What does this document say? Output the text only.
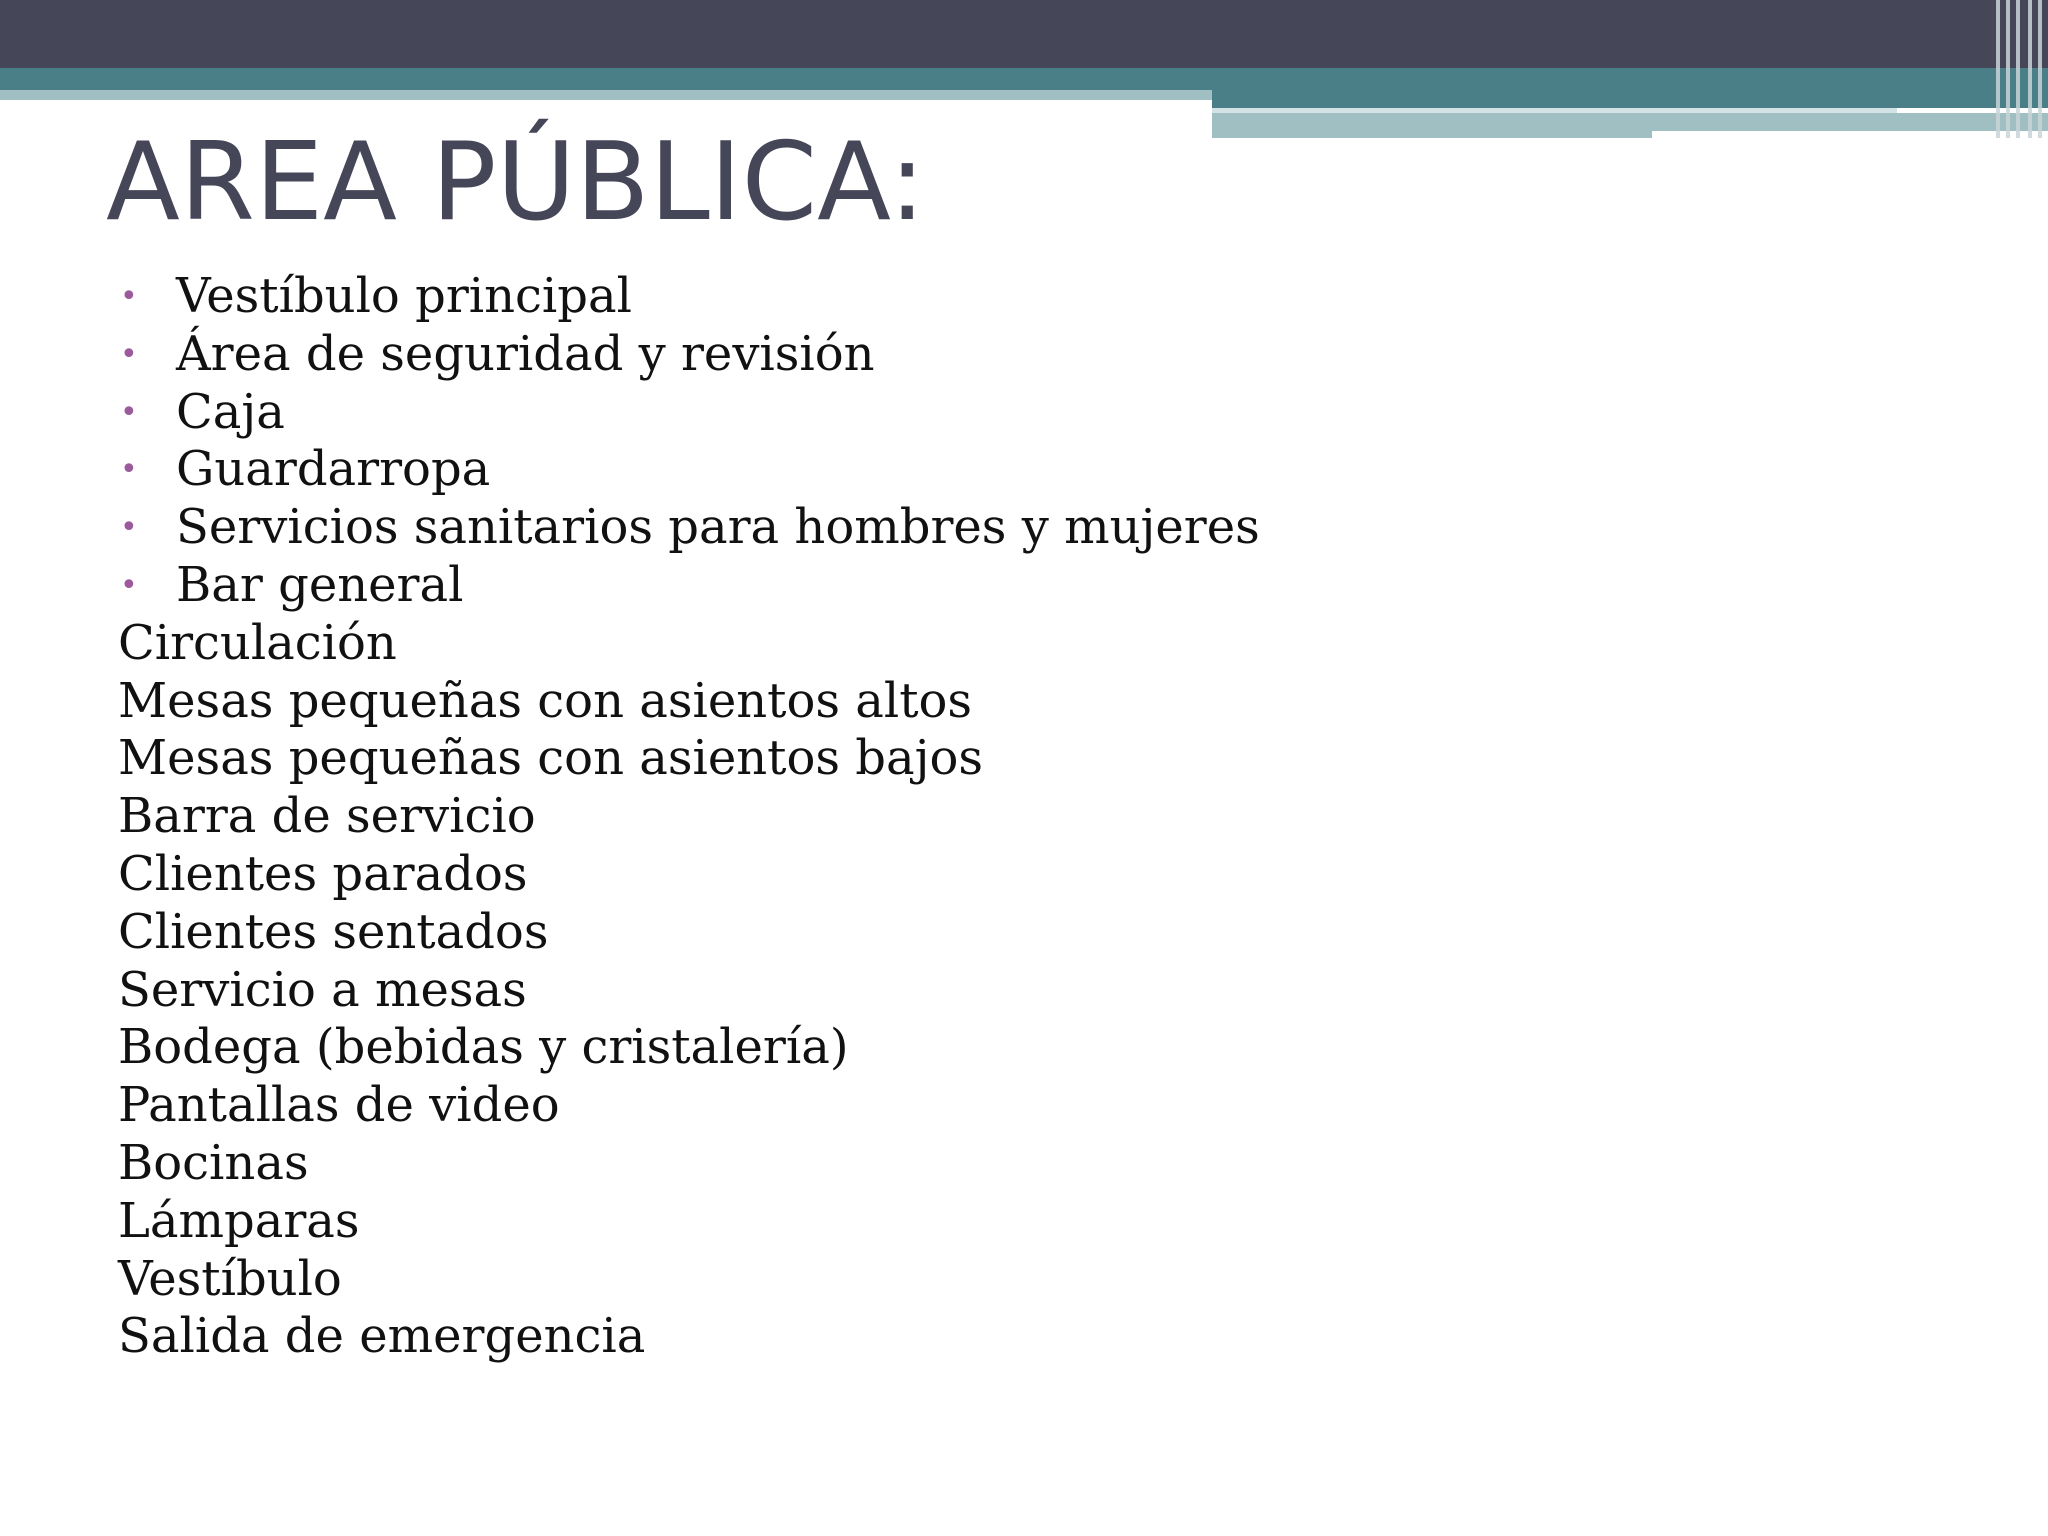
AREA PÚBLICA:
• Vestíbulo principal
• Área de seguridad y revisión
• Caja
• Guardarropa
• Servicios sanitarios para hombres y mujeres
• Bar general
Circulación
Mesas pequeñas con asientos altos
Mesas pequeñas con asientos bajos
Barra de servicio
Clientes parados
Clientes sentados
Servicio a mesas
Bodega (bebidas y cristalería)
Pantallas de video
Bocinas
Lámparas
Vestíbulo
Salida de emergencia
